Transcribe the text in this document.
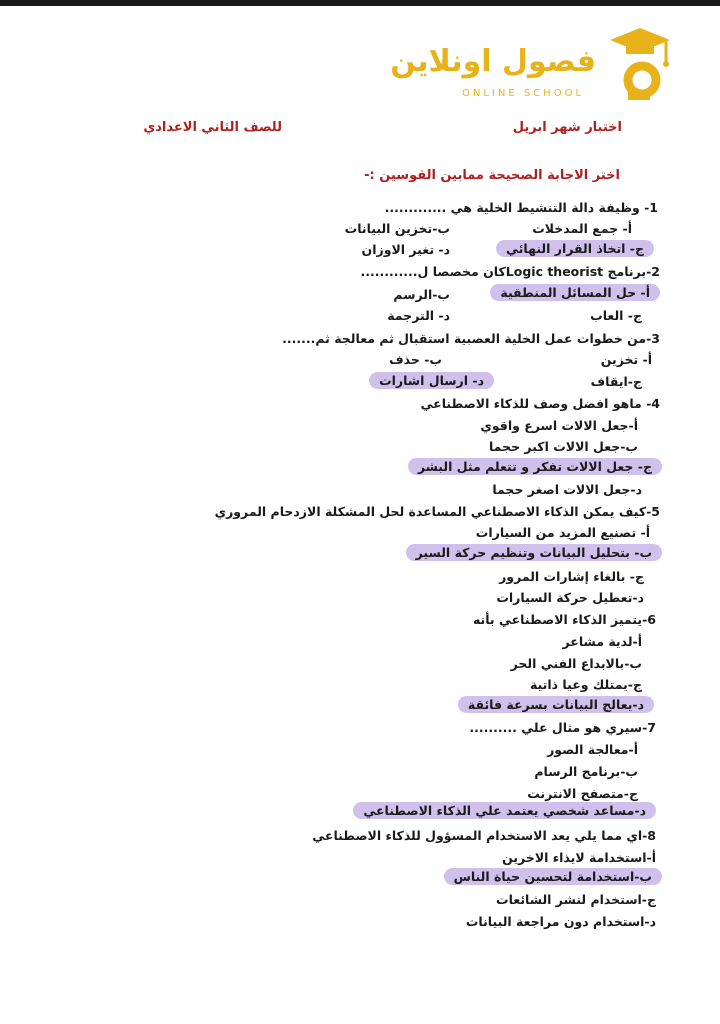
فصول اونلاين
ONLINE SCHOOL
اختبار شهر ابريل
للصف الثاني الاعدادي
اختر الاجابة الصحيحة ممابين القوسين :-
1- وظيفة دالة التنشيط الخلية هي .............
أ- جمع المدخلات
ب-تخزين البيانات
ج- اتخاذ القرار النهائي
د- تغير الاوزان
2-برنامج Logic theoristكان مخصصا ل............
أ- حل المسائل المنطقية
ب-الرسم
ج- العاب
د- الترجمة
3-من خطوات عمل الخلية العصبية استقبال ثم معالجة ثم.......
أ- تخزين
ب- حذف
ج-ايقاف
د- ارسال اشارات
4- ماهو افضل وصف للذكاء الاصطناعي
أ-جعل الالات اسرع واقوي
ب-جعل الالات اكبر حجما
ج- جعل الالات تفكر و تتعلم مثل البشر
د-جعل الالات اصغر حجما
5-كيف يمكن الذكاء الاصطناعي المساعدة لحل المشكلة الازدحام المروري
أ- تصنيع المزيد من السيارات
ب- بتحليل البيانات وتنظيم حركة السير
ج- بالغاء إشارات المرور
د-تعطيل حركة السيارات
6-يتميز الذكاء الاصطناعي بأنه
أ-لدية مشاعر
ب-بالابداع الفني الحر
ج-يمتلك وعيا ذاتية
د-يعالج البيانات بسرعة فائقة
7-سيري هو مثال علي ..........
أ-معالجة الصور
ب-برنامج الرسام
ج-متصفح الانترنت
د-مساعد شخصي يعتمد علي الذكاء الاصطناعي
8-اي مما يلي يعد الاستخدام المسؤول للذكاء الاصطناعي
أ-استخدامة لايذاء الاخرين
ب-استخدامة لتحسين حياة الناس
ج-استخدام لنشر الشائعات
د-استخدام دون مراجعة البيانات
